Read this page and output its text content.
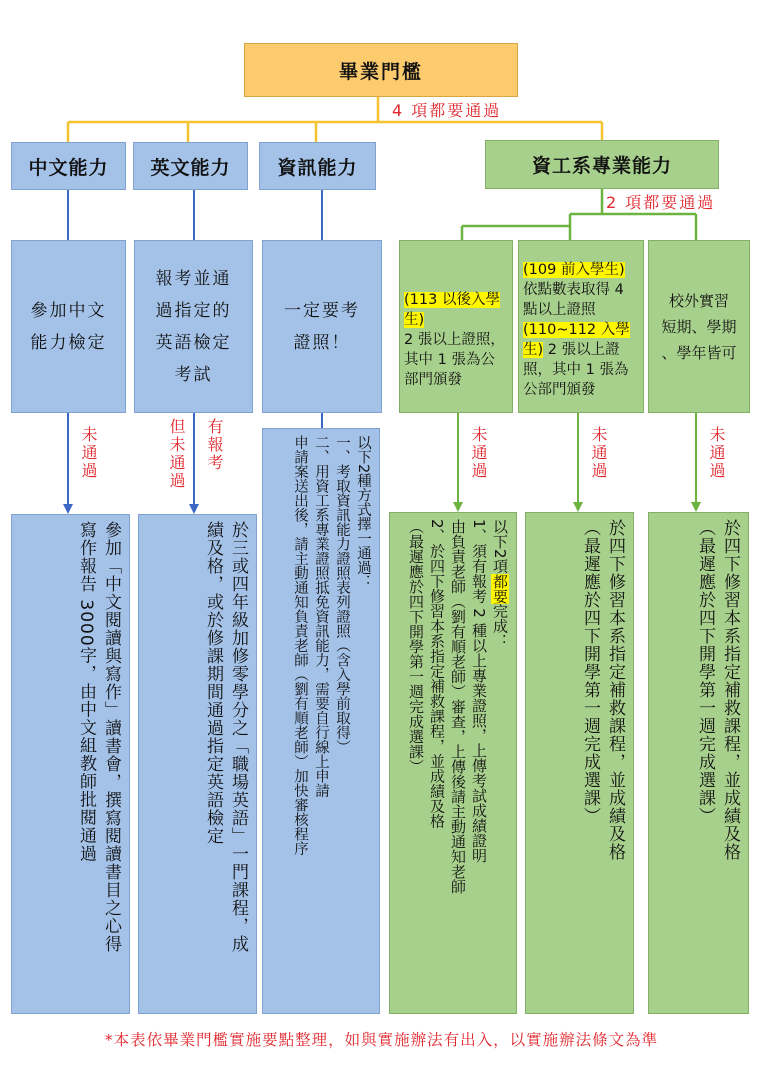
畢業門檻
4 項都要通過
中文能力 英文能力 資訊能力	資工系專業能力
2 項都要通過
參加中文
能力檢定
報考並通
過指定的
英語檢定
考試
一定要考
證照！
(113 以後入學生)
2 張以上證照，其中 1 張為公部門頒發
(109 前入學生)
依點數表取得 4 點以上證照
(110~112 入學生) 2 張以上證照，其中 1 張為公部門頒發
校外實習
短期、學期
、學年皆可
未通過	但未通過 有報考	未通過	未通過	未通過
參加「中文閱讀與寫作」讀書會，撰寫閱讀書目之心得
寫作報告 3000字，由中文組教師批閱通過	於三或四年級加修零學分之「職場英語」一門課程，成
績及格，或於修課期間通過指定英語檢定
以下2種方式擇一通過：
一、考取資訊能力證照表列證照（含入學前取得）
二、用資工系專業證照抵免資訊能力，需要自行線上申請
申請案送出後，請主動通知負責老師（劉有順老師）加快審核程序	以下2項都要完成：
1、須有報考 2 種以上專業證照，上傳考試成績證明
由負責老師（劉有順老師）審查，上傳後請主動通知老師
2、於四下修習本系指定補救課程，並成績及格
（最遲應於四下開學第一週完成選課）	於四下修習本系指定補救課程，並成績及格
（最遲應於四下開學第一週完成選課）	於四下修習本系指定補救課程，並成績及格
（最遲應於四下開學第一週完成選課）
*本表依畢業門檻實施要點整理，如與實施辦法有出入，以實施辦法條文為準
